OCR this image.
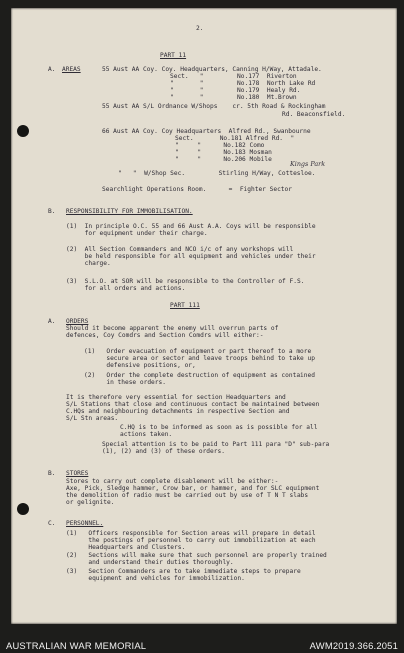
2.
PART 11
A. AREAS	55 Aust AA Coy. Coy. Headquarters, Canning H/Way, Attadale.
Sect.   "         No.177  Riverton
"       "         No.178  North Lake Rd
"       "         No.179  Healy Rd.
"       "         No.180  Mt.Brown
55 Aust AA S/L Ordnance W/Shops    cr. 5th Road & Rockingham
Rd. Beaconsfield.
66 Aust AA Coy. Coy Headquarters  Alfred Rd., Swanbourne
Sect.       No.181 Alfred Rd.  "
"     "      No.182 Como
"     "      No.183 Mosman
"     "      No.206 Mobile
Kings Park
"   "  W/Shop Sec.         Stirling H/Way, Cottesloe.
Searchlight Operations Room.      =  Fighter Sector
B. RESPONSIBILITY FOR IMMOBILISATION.
(1)  In principle O.C. 55 and 66 Aust A.A. Coys will be responsible
for equipment under their charge.
(2)  All Section Commanders and NCO i/c of any workshops will
be held responsible for all equipment and vehicles under their
charge.
(3)  S.L.O. at SOR will be responsible to the Controller of F.S.
for all orders and actions.
PART 111
A. ORDERS
Should it become apparent the enemy will overrun parts of
defences, Coy Comdrs and Section Comdrs will either:-
(1)   Order evacuation of equipment or part thereof to a more
secure area or sector and leave troops behind to take up
defensive positions, or,
(2)   Order the complete destruction of equipment as contained
in these orders.
It is therefore very essential for section Headquarters and
S/L Stations that close and continuous contact be maintained between
C.HQs and neighbouring detachments in respective Section and
S/L Stn areas.
C.HQ is to be informed as soon as is possible for all
actions taken.
Special attention is to be paid to Part 111 para "D" sub-para
(1), (2) and (3) of these orders.
B. STORES
Stores to carry out complete disablement will be either:-
Axe, Pick, Sledge hammer, Crow bar, or hammer, and for SLC equipment
the demolition of radio must be carried out by use of T N T slabs
or gelignite.
C. PERSONNEL.
(1)   Officers responsible for Section areas will prepare in detail
the postings of personnel to carry out immobilization at each
Headquarters and Clusters.
(2)   Sections will make sure that such personnel are properly trained
and understand their duties thoroughly.
(3)   Section Commanders are to take immediate steps to prepare
equipment and vehicles for immobilization.
AUSTRALIAN WAR MEMORIAL	AWM2019.366.2051
